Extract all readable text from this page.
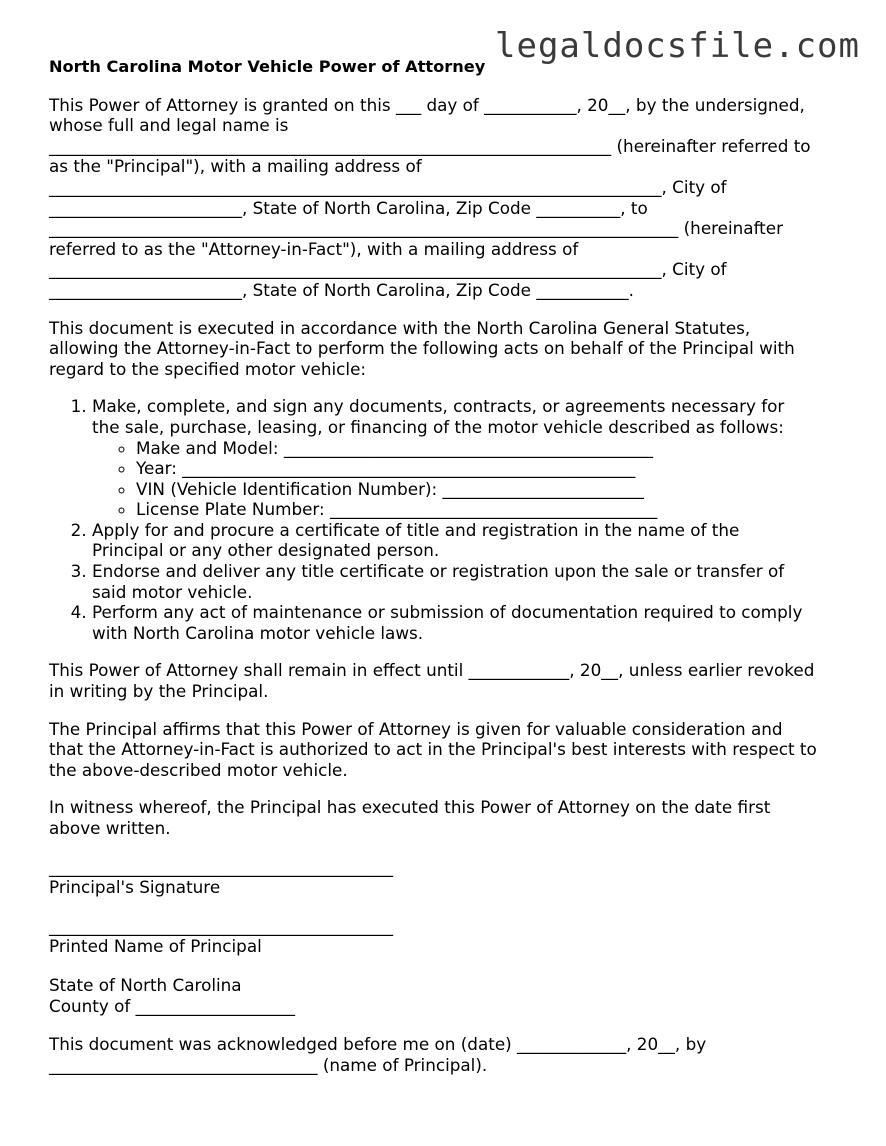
legaldocsfile.com
North Carolina Motor Vehicle Power of Attorney

This Power of Attorney is granted on this ___ day of ___________, 20__, by the undersigned,
whose full and legal name is
___________________________________________________________________ (hereinafter referred to
as the "Principal"), with a mailing address of
_________________________________________________________________________, City of
_______________________, State of North Carolina, Zip Code __________, to
___________________________________________________________________________ (hereinafter
referred to as the "Attorney-in-Fact"), with a mailing address of
_________________________________________________________________________, City of
_______________________, State of North Carolina, Zip Code ___________.

This document is executed in accordance with the North Carolina General Statutes,
allowing the Attorney-in-Fact to perform the following acts on behalf of the Principal with
regard to the specified motor vehicle:

1. Make, complete, and sign any documents, contracts, or agreements necessary for
the sale, purchase, leasing, or financing of the motor vehicle described as follows:
◦ Make and Model: ____________________________________________
◦ Year: ______________________________________________________
◦ VIN (Vehicle Identification Number): ________________________
◦ License Plate Number: _______________________________________
2. Apply for and procure a certificate of title and registration in the name of the
Principal or any other designated person.
3. Endorse and deliver any title certificate or registration upon the sale or transfer of
said motor vehicle.
4. Perform any act of maintenance or submission of documentation required to comply
with North Carolina motor vehicle laws.

This Power of Attorney shall remain in effect until ____________, 20__, unless earlier revoked
in writing by the Principal.

The Principal affirms that this Power of Attorney is given for valuable consideration and
that the Attorney-in-Fact is authorized to act in the Principal's best interests with respect to
the above-described motor vehicle.

In witness whereof, the Principal has executed this Power of Attorney on the date first
above written.

_________________________________________
Principal's Signature
_________________________________________
Printed Name of Principal
State of North Carolina
County of ___________________
This document was acknowledged before me on (date) _____________, 20__, by
________________________________ (name of Principal).
